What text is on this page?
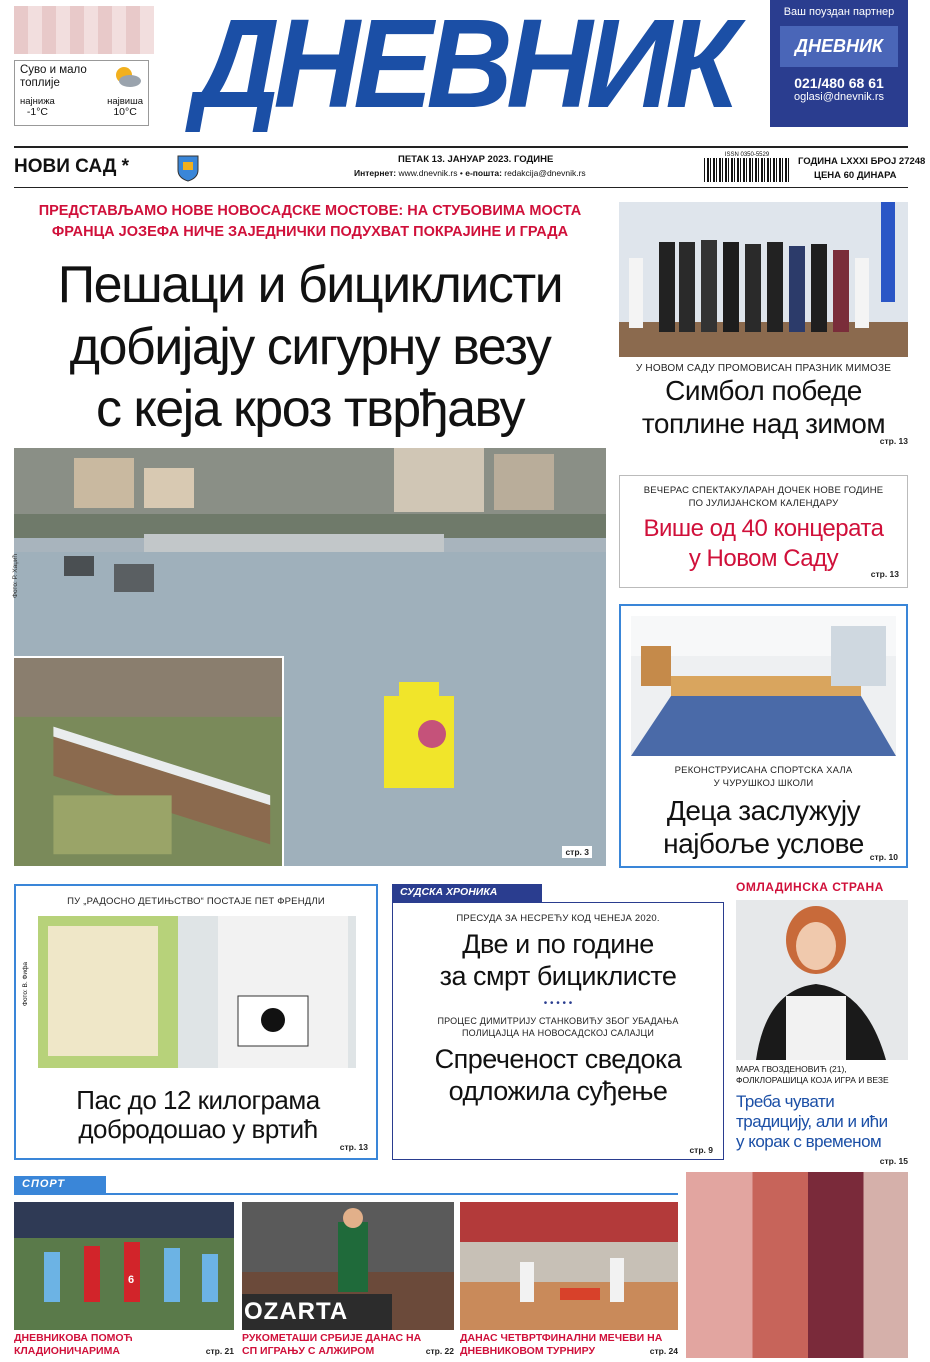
Суво и мало топлије
најнижа
-1°C
највиша
10°C ДНЕВНИК	Ваш поуздан партнер
ДНЕВНИК
021/480 68 61
oglasi@dnevnik.rs
НОВИ САД *	ПЕТАК 13. ЈАНУАР 2023. ГОДИНЕ
Интернет: www.dnevnik.rs • е-пошта: redakcija@dnevnik.rs
ISSN 0350-5529
ГОДИНА LXXXI БРОЈ 27248
ЦЕНА 60 ДИНАРА
ПРЕДСТАВЉАМО НОВЕ НОВОСАДСКЕ МОСТОВЕ: НА СТУБОВИМА МОСТА
ФРАНЦА ЈОЗЕФА НИЧЕ ЗАЈЕДНИЧКИ ПОДУХВАТ ПОКРАЈИНЕ И ГРАДА
Пешаци и бициклисти
добијају сигурну везу
с кеја кроз тврђаву
Фото: Р. Хаџић
стр. 3
У НОВОМ САДУ ПРОМОВИСАН ПРАЗНИК МИМОЗЕ
Симбол победе
топлине над зимом
стр. 13
ВЕЧЕРАС СПЕКТАКУЛАРАН ДОЧЕК НОВЕ ГОДИНЕ
ПО ЈУЛИЈАНСКОМ КАЛЕНДАРУ
Више од 40 концерата
у Новом Саду
стр. 13
РЕКОНСТРУИСАНА СПОРТСКА ХАЛА
У ЧУРУШКОЈ ШКОЛИ
Деца заслужују
најбоље услове стр. 10
ПУ „РАДОСНО ДЕТИЊСТВО“ ПОСТАЈЕ ПЕТ ФРЕНДЛИ
Фото: В. Фифа
Пас до 12 килограма
добродошао у вртић
стр. 13
СУДСКА ХРОНИКА
ПРЕСУДА ЗА НЕСРЕЋУ КОД ЧЕНЕЈА 2020.
Две и по године
за смрт бициклисте
• • • • •
ПРОЦЕС ДИМИТРИЈУ СТАНКОВИЋУ ЗБОГ УБАДАЊА
ПОЛИЦАЈЦА НА НОВОСАДСКОЈ САЛАЈЦИ
Спреченост сведока
одложила суђење
стр. 9
ОМЛАДИНСКА СТРАНА
МАРА ГВОЗДЕНОВИЋ (21),
ФОЛКЛОРАШИЦА КОЈА ИГРА И ВЕЗЕ
Треба чувати
традицију, али и ићи
у корак с временом
стр. 15
СПОРТ
6
ДНЕВНИКОВА ПОМОЋ
КЛАДИОНИЧАРИМА	стр. 21
OZARTA
РУКОМЕТАШИ СРБИЈЕ ДАНАС НА
СП ИГРАЊУ С АЛЖИРОМ	стр. 22
ДАНАС ЧЕТВРТФИНАЛНИ МЕЧЕВИ НА
ДНЕВНИКОВОМ ТУРНИРУ	стр. 24
